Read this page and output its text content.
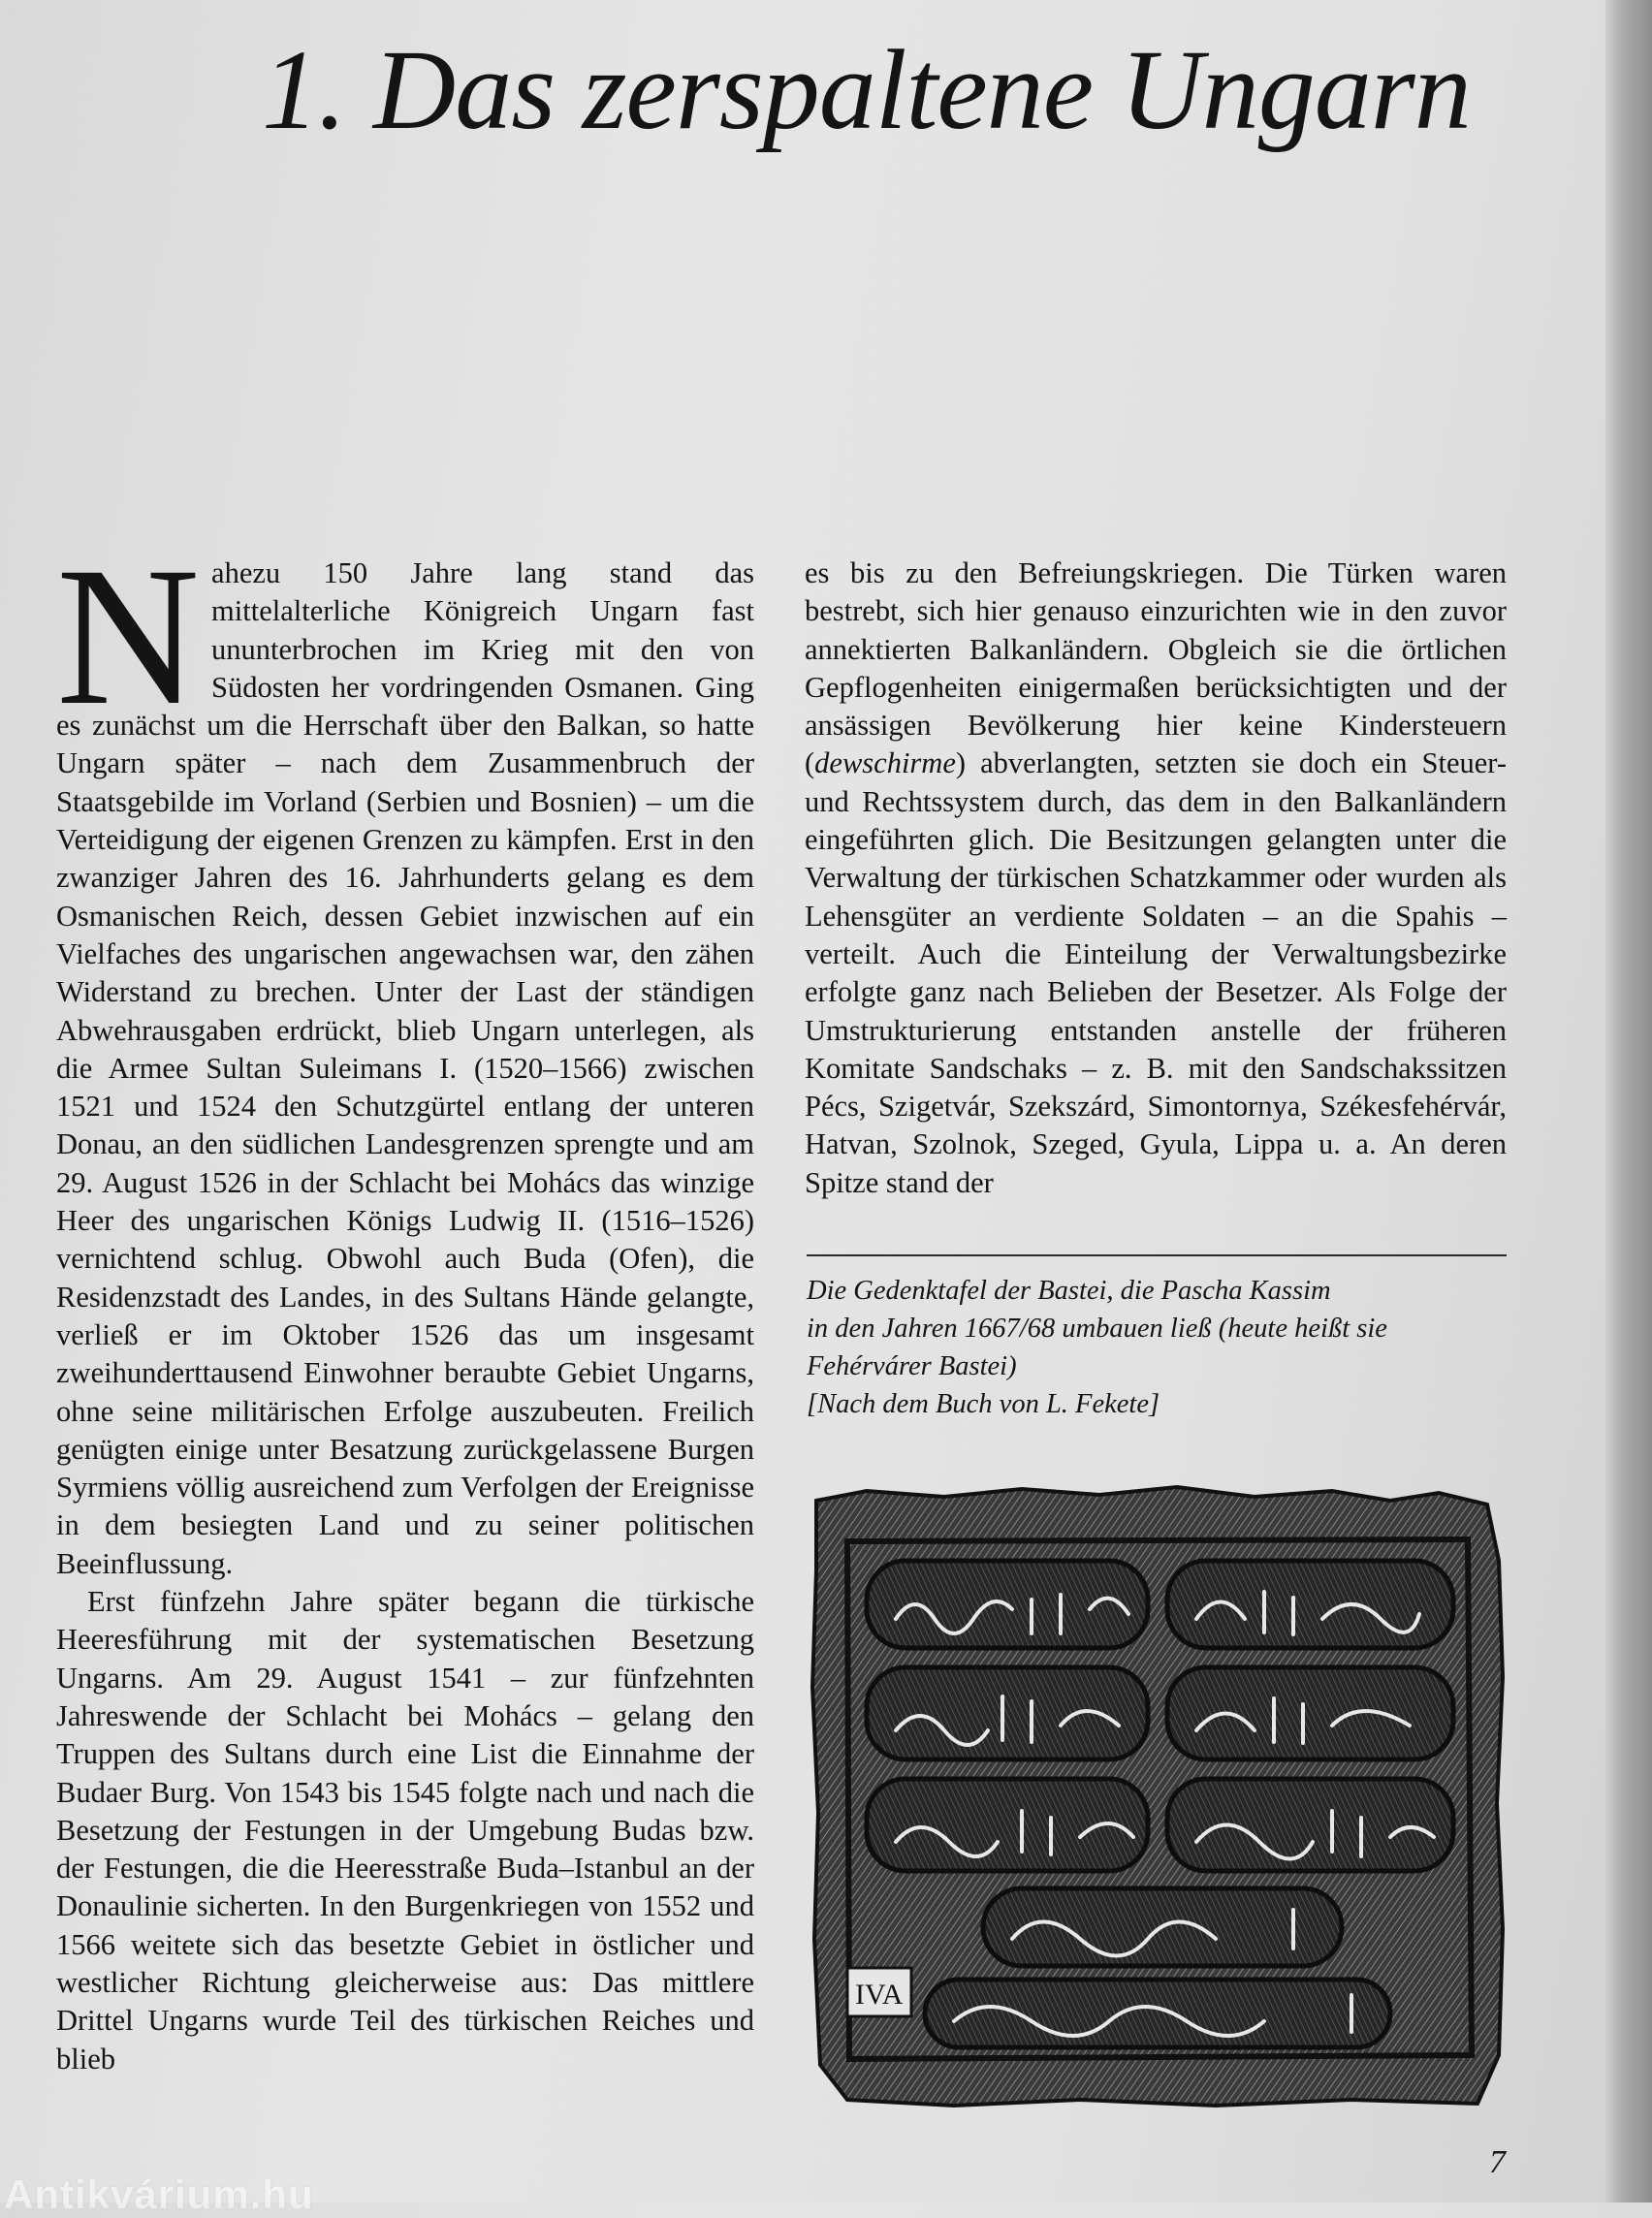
1. Das zerspaltene Ungarn

Nahezu 150 Jahre lang stand das mittelalterliche Königreich Ungarn fast ununterbrochen im Krieg mit den von Südosten her vordringenden Osmanen. Ging es zunächst um die Herrschaft über den Balkan, so hatte Ungarn später – nach dem Zusammenbruch der Staatsgebilde im Vorland (Serbien und Bosnien) – um die Verteidigung der eigenen Grenzen zu kämpfen. Erst in den zwanziger Jahren des 16. Jahrhunderts gelang es dem Osmanischen Reich, dessen Gebiet inzwischen auf ein Vielfaches des ungarischen angewachsen war, den zähen Widerstand zu brechen. Unter der Last der ständigen Abwehrausgaben erdrückt, blieb Ungarn unterlegen, als die Armee Sultan Suleimans I. (1520–1566) zwischen 1521 und 1524 den Schutzgürtel entlang der unteren Donau, an den südlichen Landesgrenzen sprengte und am 29. August 1526 in der Schlacht bei Mohács das winzige Heer des ungarischen Königs Ludwig II. (1516–1526) vernichtend schlug. Obwohl auch Buda (Ofen), die Residenzstadt des Landes, in des Sultans Hände gelangte, verließ er im Oktober 1526 das um insgesamt zweihunderttausend Einwohner beraubte Gebiet Ungarns, ohne seine militärischen Erfolge auszubeuten. Freilich genügten einige unter Besatzung zurückgelassene Burgen Syrmiens völlig ausreichend zum Verfolgen der Ereignisse in dem besiegten Land und zu seiner politischen Beeinflussung.

Erst fünfzehn Jahre später begann die türkische Heeresführung mit der systematischen Besetzung Ungarns. Am 29. August 1541 – zur fünfzehnten Jahreswende der Schlacht bei Mohács – gelang den Truppen des Sultans durch eine List die Einnahme der Budaer Burg. Von 1543 bis 1545 folgte nach und nach die Besetzung der Festungen in der Umgebung Budas bzw. der Festungen, die die Heeresstraße Buda–Istanbul an der Donaulinie sicherten. In den Burgenkriegen von 1552 und 1566 weitete sich das besetzte Gebiet in östlicher und westlicher Richtung gleicherweise aus: Das mittlere Drittel Ungarns wurde Teil des türkischen Reiches und blieb

es bis zu den Befreiungskriegen. Die Türken waren bestrebt, sich hier genauso einzurichten wie in den zuvor annektierten Balkanländern. Obgleich sie die örtlichen Gepflogenheiten einigermaßen berücksichtigten und der ansässigen Bevölkerung hier keine Kindersteuern (dewschirme) abverlangten, setzten sie doch ein Steuer- und Rechtssystem durch, das dem in den Balkanländern eingeführten glich. Die Besitzungen gelangten unter die Verwaltung der türkischen Schatzkammer oder wurden als Lehensgüter an verdiente Soldaten – an die Spahis – verteilt. Auch die Einteilung der Verwaltungsbezirke erfolgte ganz nach Belieben der Besetzer. Als Folge der Umstrukturierung entstanden anstelle der früheren Komitate Sandschaks – z. B. mit den Sandschakssitzen Pécs, Szigetvár, Szekszárd, Simontornya, Székesfehérvár, Hatvan, Szolnok, Szeged, Gyula, Lippa u. a. An deren Spitze stand der

Die Gedenktafel der Bastei, die Pascha Kassim
in den Jahren 1667/68 umbauen ließ (heute heißt sie
Fehérvárer Bastei)
[Nach dem Buch von L. Fekete]
IVA
7
Antikvárium.hu
